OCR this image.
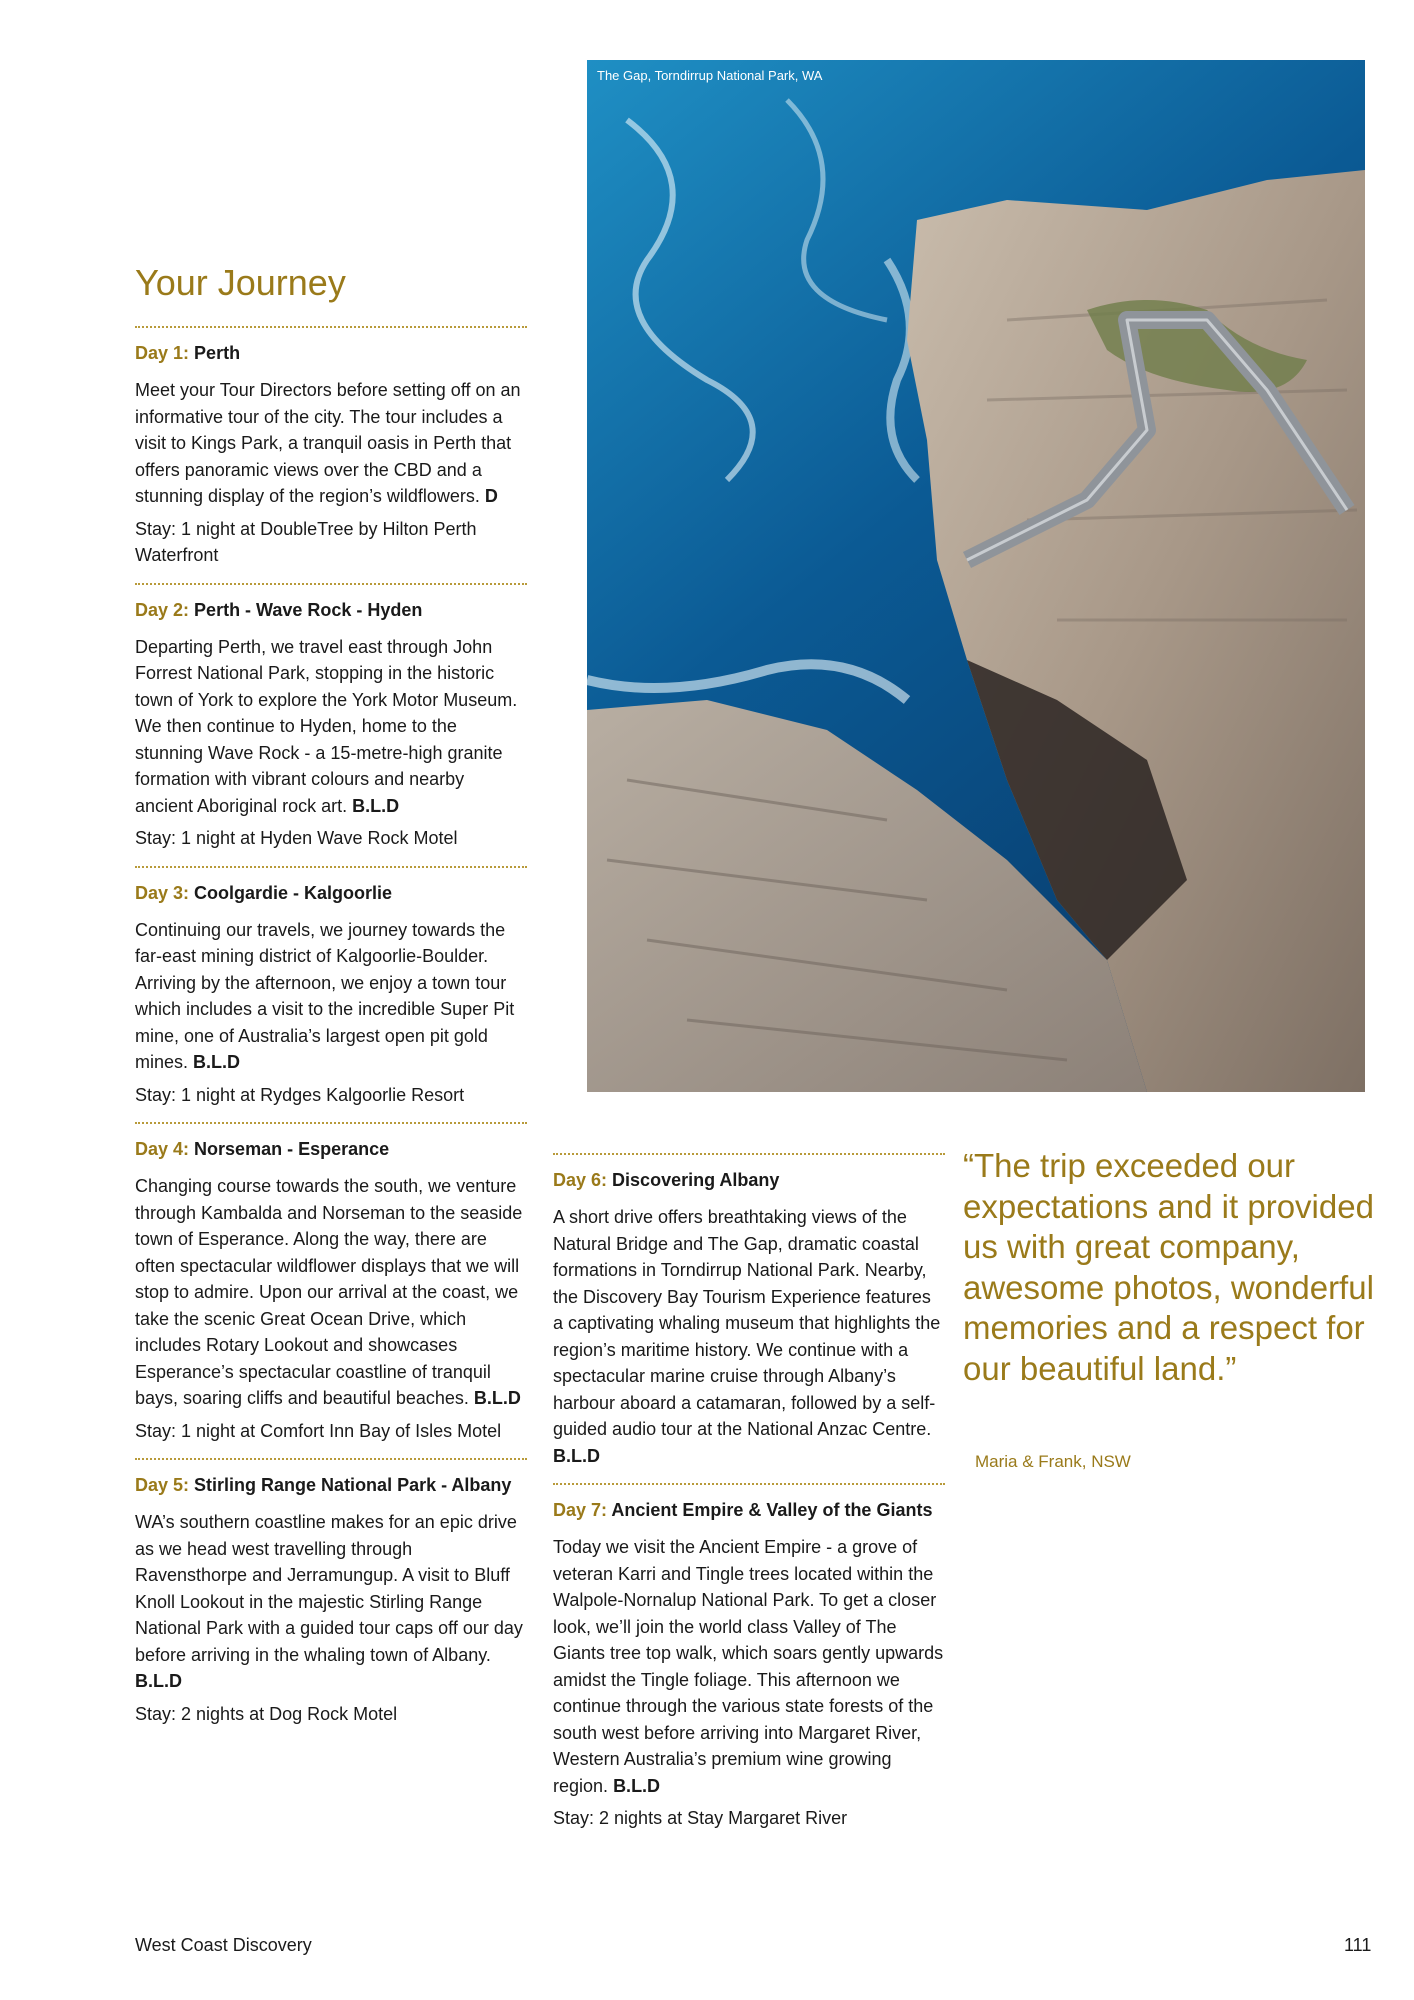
Your Journey

Day 1: Perth

Meet your Tour Directors before setting off on an informative tour of the city. The tour includes a visit to Kings Park, a tranquil oasis in Perth that offers panoramic views over the CBD and a stunning display of the region’s wildflowers. D

Stay: 1 night at DoubleTree by Hilton Perth Waterfront

Day 2: Perth - Wave Rock - Hyden

Departing Perth, we travel east through John Forrest National Park, stopping in the historic town of York to explore the York Motor Museum. We then continue to Hyden, home to the stunning Wave Rock - a 15-metre-high granite formation with vibrant colours and nearby ancient Aboriginal rock art. B.L.D

Stay: 1 night at Hyden Wave Rock Motel

Day 3: Coolgardie - Kalgoorlie

Continuing our travels, we journey towards the far-east mining district of Kalgoorlie-Boulder. Arriving by the afternoon, we enjoy a town tour which includes a visit to the incredible Super Pit mine, one of Australia’s largest open pit gold mines. B.L.D

Stay: 1 night at Rydges Kalgoorlie Resort

Day 4: Norseman - Esperance

Changing course towards the south, we venture through Kambalda and Norseman to the seaside town of Esperance. Along the way, there are often spectacular wildflower displays that we will stop to admire. Upon our arrival at the coast, we take the scenic Great Ocean Drive, which includes Rotary Lookout and showcases Esperance’s spectacular coastline of tranquil bays, soaring cliffs and beautiful beaches. B.L.D

Stay: 1 night at Comfort Inn Bay of Isles Motel

Day 5: Stirling Range National Park - Albany

WA’s southern coastline makes for an epic drive as we head west travelling through Ravensthorpe and Jerramungup. A visit to Bluff Knoll Lookout in the majestic Stirling Range National Park with a guided tour caps off our day before arriving in the whaling town of Albany. B.L.D

Stay: 2 nights at Dog Rock Motel

Day 6: Discovering Albany

A short drive offers breathtaking views of the Natural Bridge and The Gap, dramatic coastal formations in Torndirrup National Park. Nearby, the Discovery Bay Tourism Experience features a captivating whaling museum that highlights the region’s maritime history. We continue with a spectacular marine cruise through Albany’s harbour aboard a catamaran, followed by a self-guided audio tour at the National Anzac Centre. B.L.D

Day 7: Ancient Empire & Valley of the Giants

Today we visit the Ancient Empire - a grove of veteran Karri and Tingle trees located within the Walpole-Nornalup National Park. To get a closer look, we’ll join the world class Valley of The Giants tree top walk, which soars gently upwards amidst the Tingle foliage. This afternoon we continue through the various state forests of the south west before arriving into Margaret River, Western Australia’s premium wine growing region. B.L.D

Stay: 2 nights at Stay Margaret River

The Gap, Torndirrup National Park, WA

“The trip exceeded our expectations and it provided us with great company, awesome photos, wonderful memories and a respect for our beautiful land.”

Maria & Frank, NSW
West Coast Discovery	111
